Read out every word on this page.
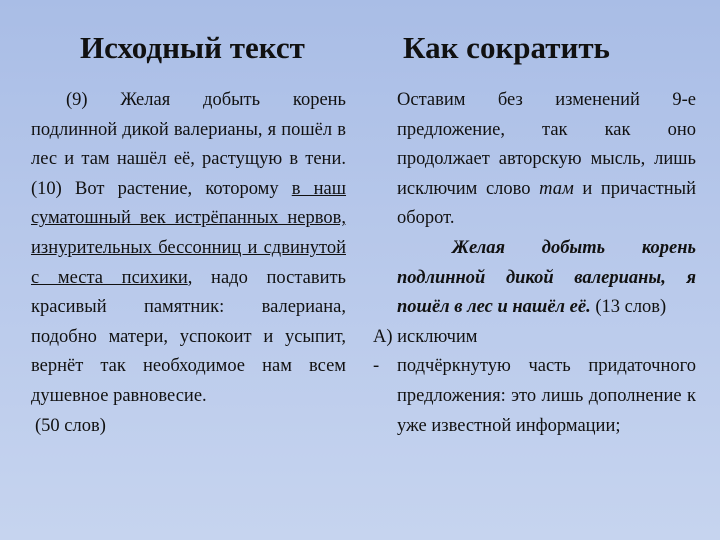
Исходный текст	Как сократить

(9) Желая добыть корень подлинной дикой валерианы, я пошёл в лес и там нашёл её, растущую в тени. (10) Вот растение, которому в наш суматошный век истрёпанных нервов, изнурительных бессонниц и сдвинутой с места психики, надо поставить красивый памятник: валериана, подобно матери, успокоит и усыпит, вернёт так необходимое нам всем душевное равновесие.

(50 слов)

Оставим без изменений 9-е предложение, так как оно продолжает авторскую мысль, лишь исключим слово там и причастный оборот.

Желая добыть корень подлинной дикой валерианы, я пошёл в лес и нашёл её. (13 слов)

А) исключим

- подчёркнутую часть придаточного предложения: это лишь дополнение к уже известной информации;
